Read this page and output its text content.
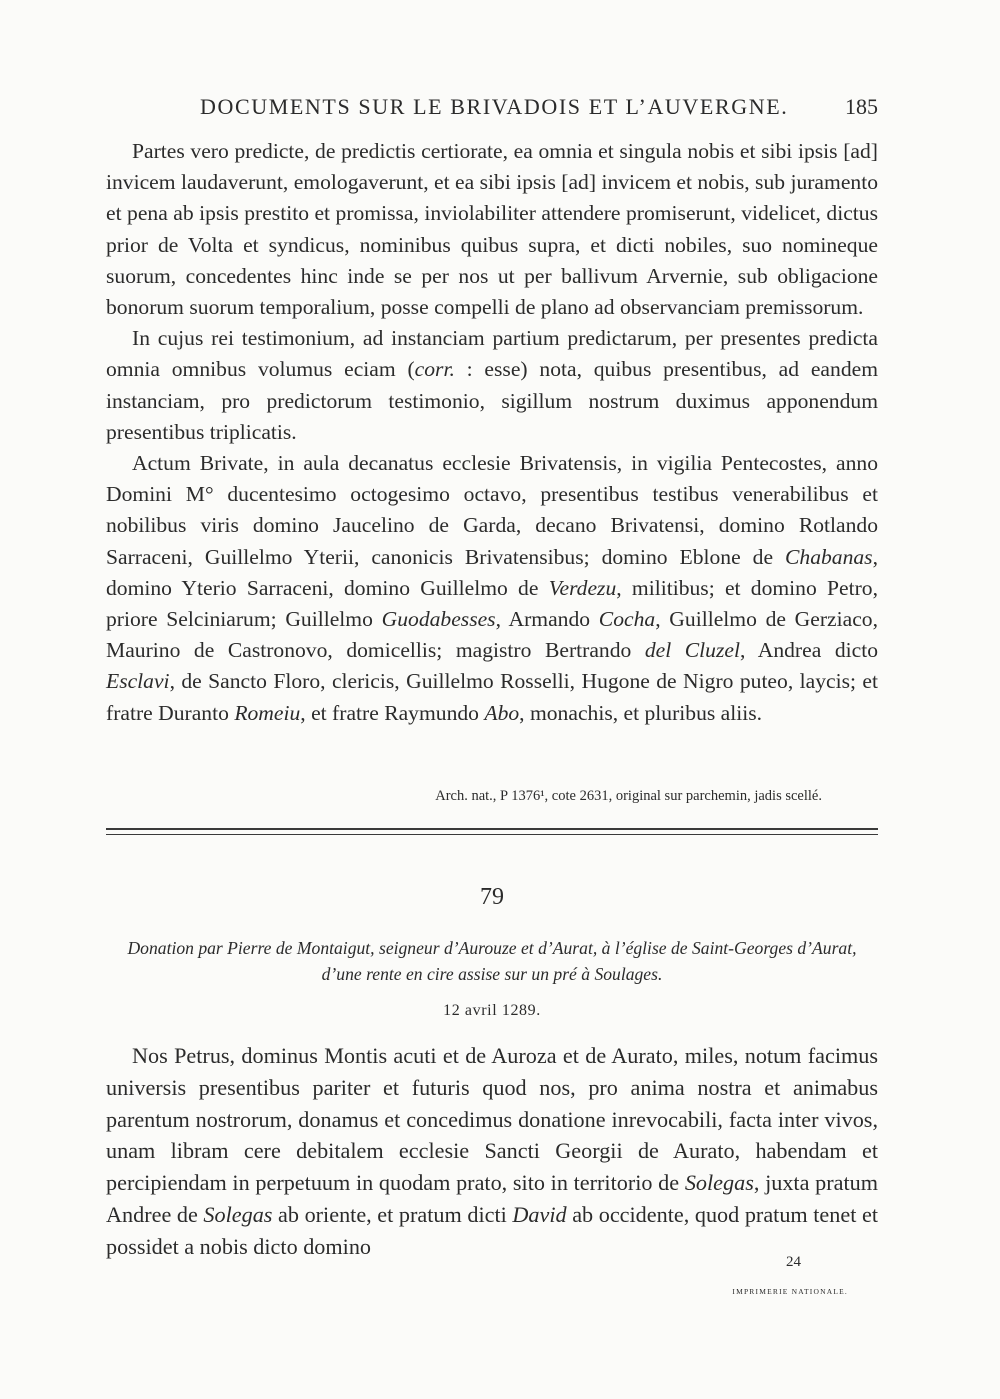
DOCUMENTS SUR LE BRIVADOIS ET L’AUVERGNE.	185

Partes vero predicte, de predictis certiorate, ea omnia et singula nobis et sibi ipsis [ad] invicem laudaverunt, emologaverunt, et ea sibi ipsis [ad] invicem et nobis, sub juramento et pena ab ipsis prestito et promissa, inviolabiliter attendere promiserunt, videlicet, dictus prior de Volta et syndicus, nominibus quibus supra, et dicti nobiles, suo nomineque suorum, concedentes hinc inde se per nos ut per ballivum Arvernie, sub obligacione bonorum suorum temporalium, posse compelli de plano ad observanciam premissorum.

In cujus rei testimonium, ad instanciam partium predictarum, per presentes predicta omnia omnibus volumus eciam (corr. : esse) nota, quibus presentibus, ad eandem instanciam, pro predictorum testimonio, sigillum nostrum duximus apponendum presentibus triplicatis.

Actum Brivate, in aula decanatus ecclesie Brivatensis, in vigilia Pentecostes, anno Domini M° ducentesimo octogesimo octavo, presentibus testibus venerabilibus et nobilibus viris domino Jaucelino de Garda, decano Brivatensi, domino Rotlando Sarraceni, Guillelmo Yterii, canonicis Brivatensibus; domino Eblone de Chabanas, domino Yterio Sarraceni, domino Guillelmo de Verdezu, militibus; et domino Petro, priore Selciniarum; Guillelmo Guodabesses, Armando Cocha, Guillelmo de Gerziaco, Maurino de Castronovo, domicellis; magistro Bertrando del Cluzel, Andrea dicto Esclavi, de Sancto Floro, clericis, Guillelmo Rosselli, Hugone de Nigro puteo, laycis; et fratre Duranto Romeiu, et fratre Raymundo Abo, monachis, et pluribus aliis.

Arch. nat., P 1376¹, cote 2631, original sur parchemin, jadis scellé.
79
Donation par Pierre de Montaigut, seigneur d’Aurouze et d’Aurat, à l’église de Saint-Georges d’Aurat, d’une rente en cire assise sur un pré à Soulages.
12 avril 1289.

Nos Petrus, dominus Montis acuti et de Auroza et de Aurato, miles, notum facimus universis presentibus pariter et futuris quod nos, pro anima nostra et animabus parentum nostrorum, donamus et concedimus donatione inrevocabili, facta inter vivos, unam libram cere debitalem ecclesie Sancti Georgii de Aurato, habendam et percipiendam in perpetuum in quodam prato, sito in territorio de Solegas, juxta pratum Andree de Solegas ab oriente, et pratum dicti David ab occidente, quod pratum tenet et possidet a nobis dicto domino

24
IMPRIMERIE NATIONALE.
